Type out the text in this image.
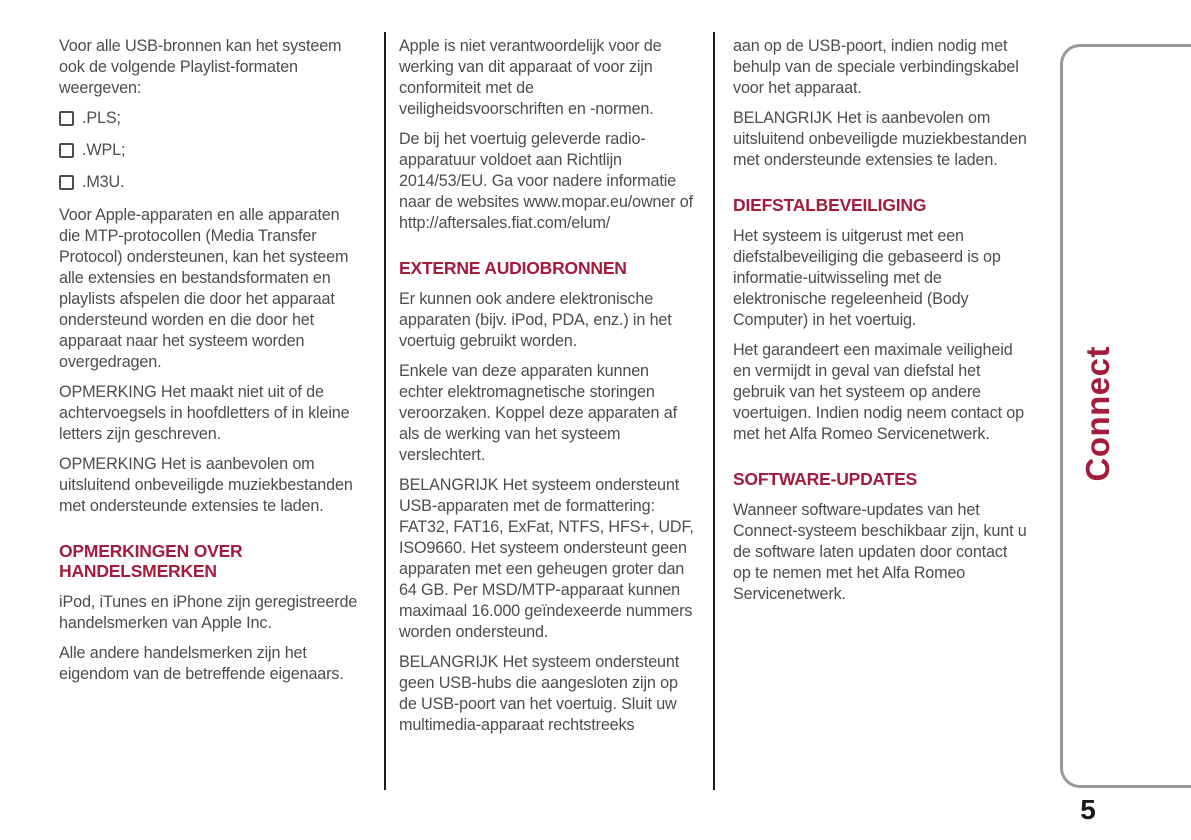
Voor alle USB-bronnen kan het systeem ook de volgende Playlist-formaten weergeven:
.PLS;
.WPL;
.M3U.
Voor Apple-apparaten en alle apparaten die MTP-protocollen (Media Transfer Protocol) ondersteunen, kan het systeem alle extensies en bestandsformaten en playlists afspelen die door het apparaat ondersteund worden en die door het apparaat naar het systeem worden overgedragen.
OPMERKING Het maakt niet uit of de achtervoegsels in hoofdletters of in kleine letters zijn geschreven.
OPMERKING Het is aanbevolen om uitsluitend onbeveiligde muziekbestanden met ondersteunde extensies te laden.
OPMERKINGEN OVER HANDELSMERKEN
iPod, iTunes en iPhone zijn geregistreerde handelsmerken van Apple Inc.
Alle andere handelsmerken zijn het eigendom van de betreffende eigenaars.
Apple is niet verantwoordelijk voor de werking van dit apparaat of voor zijn conformiteit met de veiligheidsvoorschriften en -normen.
De bij het voertuig geleverde radio-apparatuur voldoet aan Richtlijn 2014/53/EU. Ga voor nadere informatie naar de websites www.mopar.eu/owner of http://aftersales.fiat.com/elum/
EXTERNE AUDIOBRONNEN
Er kunnen ook andere elektronische apparaten (bijv. iPod, PDA, enz.) in het voertuig gebruikt worden.
Enkele van deze apparaten kunnen echter elektromagnetische storingen veroorzaken. Koppel deze apparaten af als de werking van het systeem verslechtert.
BELANGRIJK Het systeem ondersteunt USB-apparaten met de formattering: FAT32, FAT16, ExFat, NTFS, HFS+, UDF, ISO9660. Het systeem ondersteunt geen apparaten met een geheugen groter dan 64 GB. Per MSD/MTP-apparaat kunnen maximaal 16.000 geïndexeerde nummers worden ondersteund.
BELANGRIJK Het systeem ondersteunt geen USB-hubs die aangesloten zijn op de USB-poort van het voertuig. Sluit uw multimedia-apparaat rechtstreeks
aan op de USB-poort, indien nodig met behulp van de speciale verbindingskabel voor het apparaat.
BELANGRIJK Het is aanbevolen om uitsluitend onbeveiligde muziekbestanden met ondersteunde extensies te laden.
DIEFSTALBEVEILIGING
Het systeem is uitgerust met een diefstalbeveiliging die gebaseerd is op informatie-uitwisseling met de elektronische regeleenheid (Body Computer) in het voertuig.
Het garandeert een maximale veiligheid en vermijdt in geval van diefstal het gebruik van het systeem op andere voertuigen. Indien nodig neem contact op met het Alfa Romeo Servicenetwerk.
SOFTWARE-UPDATES
Wanneer software-updates van het Connect-systeem beschikbaar zijn, kunt u de software laten updaten door contact op te nemen met het Alfa Romeo Servicenetwerk.
Connect
5
